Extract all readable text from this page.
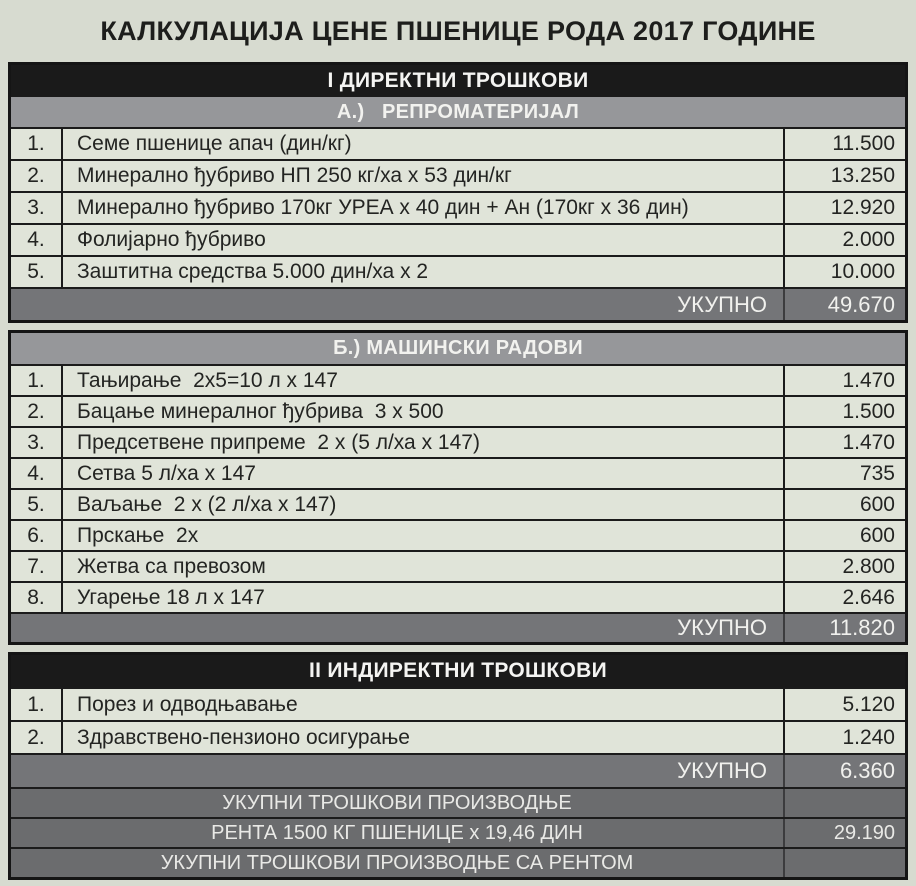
КАЛКУЛАЦИЈА ЦЕНЕ ПШЕНИЦЕ РОДА 2017 ГОДИНЕ
I ДИРЕКТНИ ТРОШКОВИ
А.)   РЕПРОМАТЕРИЈАЛ
1.	Семе пшенице апач (дин/кг)	11.500
2.	Минерално ђубриво НП 250 кг/ха х 53 дин/кг	13.250
3.	Минерално ђубриво 170кг УРЕА х 40 дин + Ан (170кг х 36 дин)	12.920
4.	Фолијарно ђубриво	2.000
5.	Заштитна средства 5.000 дин/ха х 2	10.000
УКУПНО	49.670
Б.) МАШИНСКИ РАДОВИ
1.	Тањирање  2х5=10 л х 147	1.470
2.	Бацање минералног ђубрива  3 х 500	1.500
3.	Предсетвене припреме  2 х (5 л/ха х 147)	1.470
4.	Сетва 5 л/ха х 147	735
5.	Ваљање  2 х (2 л/ха х 147)	600
6.	Прскање  2х	600
7.	Жетва са превозом	2.800
8.	Угарење 18 л х 147	2.646
УКУПНО	11.820
II ИНДИРЕКТНИ ТРОШКОВИ
1.	Порез и одводњавање	5.120
2.	Здравствено-пензионо осигурање	1.240
УКУПНО	6.360
УКУПНИ ТРОШКОВИ ПРОИЗВОДЊЕ
РЕНТА 1500 КГ ПШЕНИЦЕ х 19,46 ДИН	29.190
УКУПНИ ТРОШКОВИ ПРОИЗВОДЊЕ СА РЕНТОМ
